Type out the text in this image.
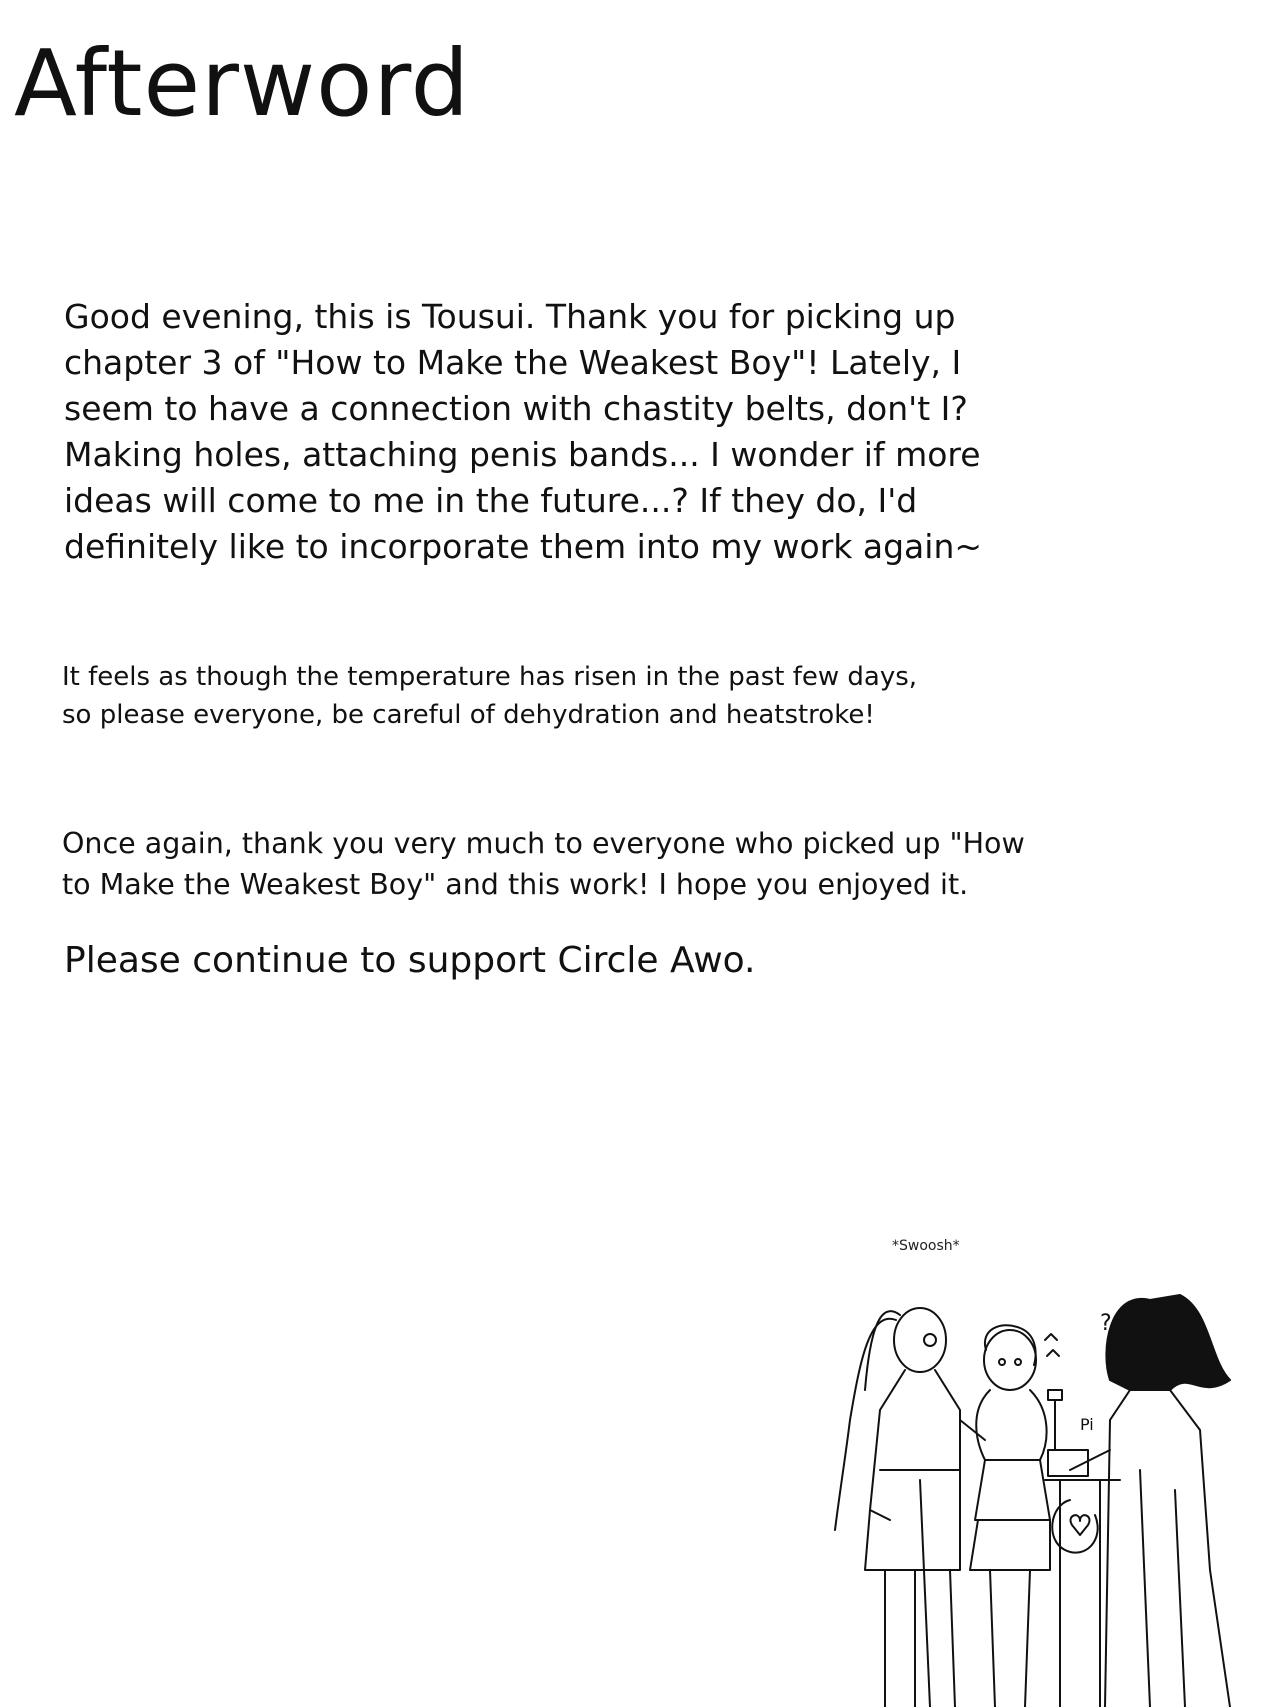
Afterword

Good evening, this is Tousui. Thank you for picking up
chapter 3 of "How to Make the Weakest Boy"! Lately, I
seem to have a connection with chastity belts, don't I?
Making holes, attaching penis bands... I wonder if more
ideas will come to me in the future...? If they do, I'd
definitely like to incorporate them into my work again~

It feels as though the temperature has risen in the past few days,
so please everyone, be careful of dehydration and heatstroke!

Once again, thank you very much to everyone who picked up "How
to Make the Weakest Boy" and this work! I hope you enjoyed it.

Please continue to support Circle Awo.

*Swoosh*
Pi
?
